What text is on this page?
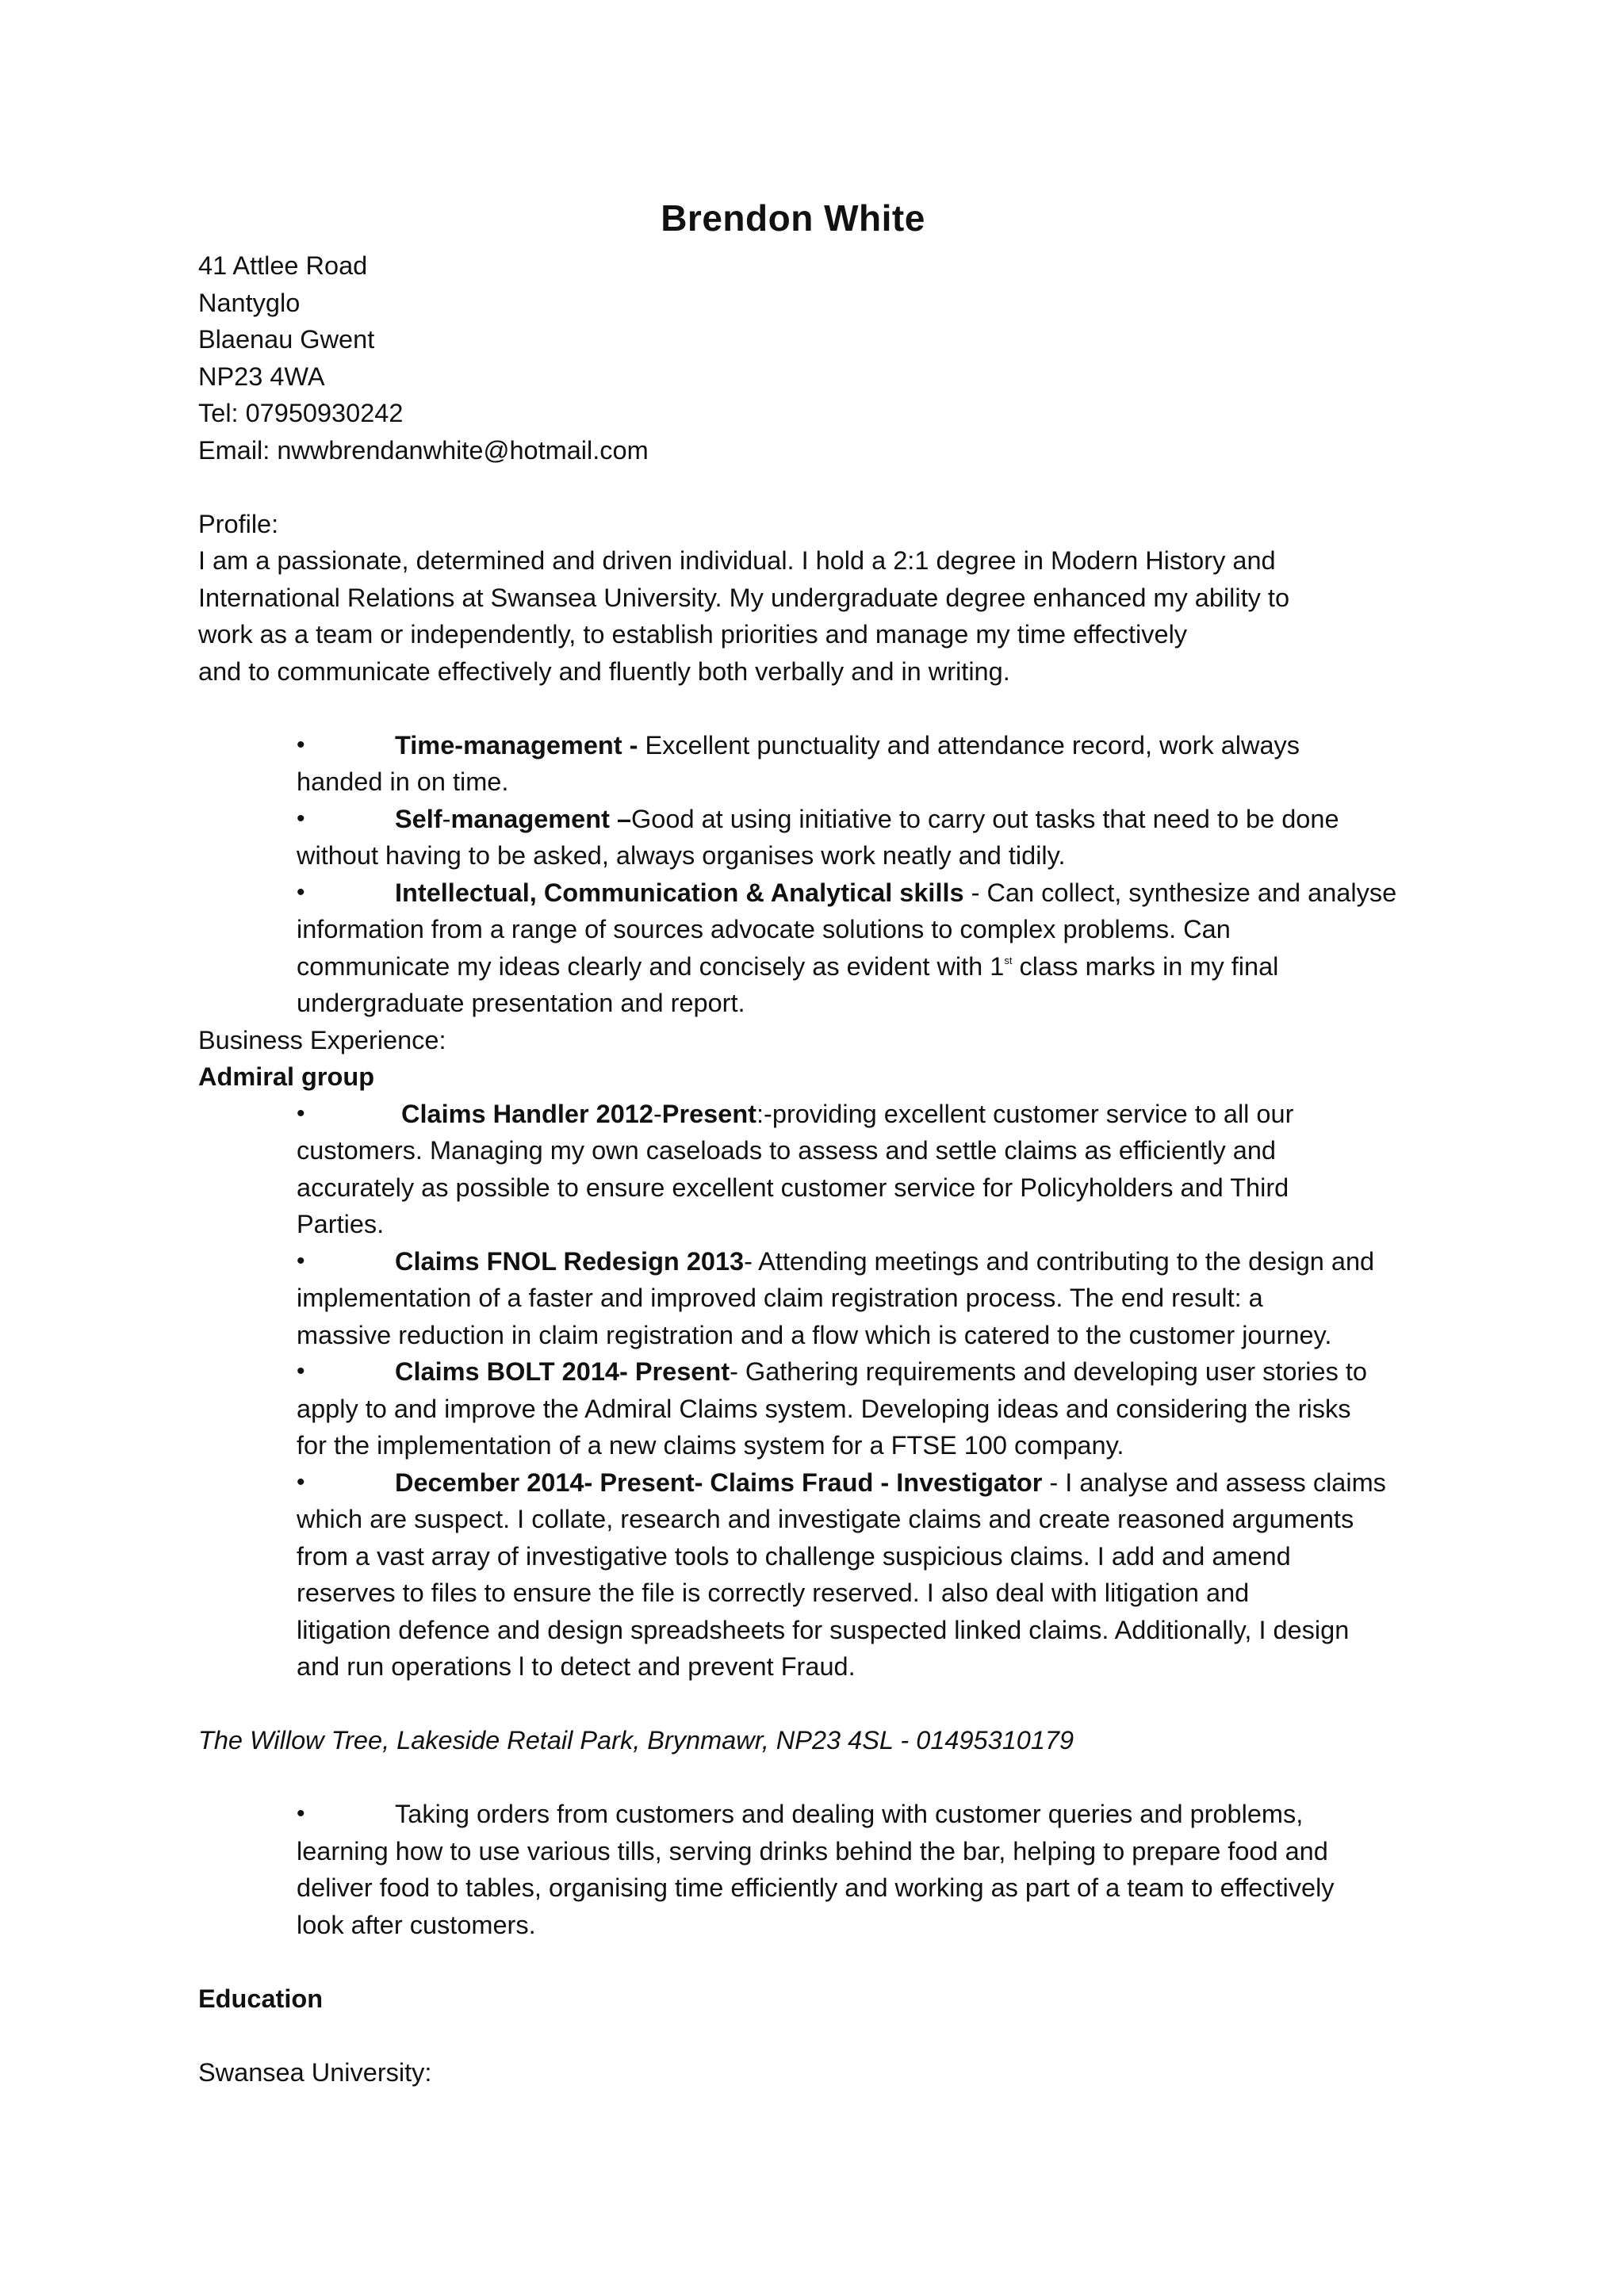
Brendon White
41 Attlee Road
Nantyglo
Blaenau Gwent
NP23 4WA
Tel: 07950930242
Email: nwwbrendanwhite@hotmail.com
Profile:
I am a passionate, determined and driven individual. I hold a 2:1 degree in Modern History and
International Relations at Swansea University. My undergraduate degree enhanced my ability to
work as a team or independently, to establish priorities and manage my time effectively
and to communicate effectively and fluently both verbally and in writing.
•	Time-management - Excellent punctuality and attendance record, work always
handed in on time.
•	Self-management –Good at using initiative to carry out tasks that need to be done
without having to be asked, always organises work neatly and tidily.
•	Intellectual, Communication & Analytical skills - Can collect, synthesize and analyse
information from a range of sources advocate solutions to complex problems. Can
communicate my ideas clearly and concisely as evident with 1st class marks in my final
undergraduate presentation and report.
Business Experience:
Admiral group
•	Claims Handler 2012-Present:-providing excellent customer service to all our
customers. Managing my own caseloads to assess and settle claims as efficiently and
accurately as possible to ensure excellent customer service for Policyholders and Third
Parties.
•	Claims FNOL Redesign 2013- Attending meetings and contributing to the design and
implementation of a faster and improved claim registration process. The end result: a
massive reduction in claim registration and a flow which is catered to the customer journey.
•	Claims BOLT 2014- Present- Gathering requirements and developing user stories to
apply to and improve the Admiral Claims system. Developing ideas and considering the risks
for the implementation of a new claims system for a FTSE 100 company.
•	December 2014- Present- Claims Fraud - Investigator - I analyse and assess claims
which are suspect. I collate, research and investigate claims and create reasoned arguments
from a vast array of investigative tools to challenge suspicious claims. I add and amend
reserves to files to ensure the file is correctly reserved. I also deal with litigation and
litigation defence and design spreadsheets for suspected linked claims. Additionally, I design
and run operations l to detect and prevent Fraud.
The Willow Tree, Lakeside Retail Park, Brynmawr, NP23 4SL - 01495310179
•	Taking orders from customers and dealing with customer queries and problems,
learning how to use various tills, serving drinks behind the bar, helping to prepare food and
deliver food to tables, organising time efficiently and working as part of a team to effectively
look after customers.
Education
Swansea University:
